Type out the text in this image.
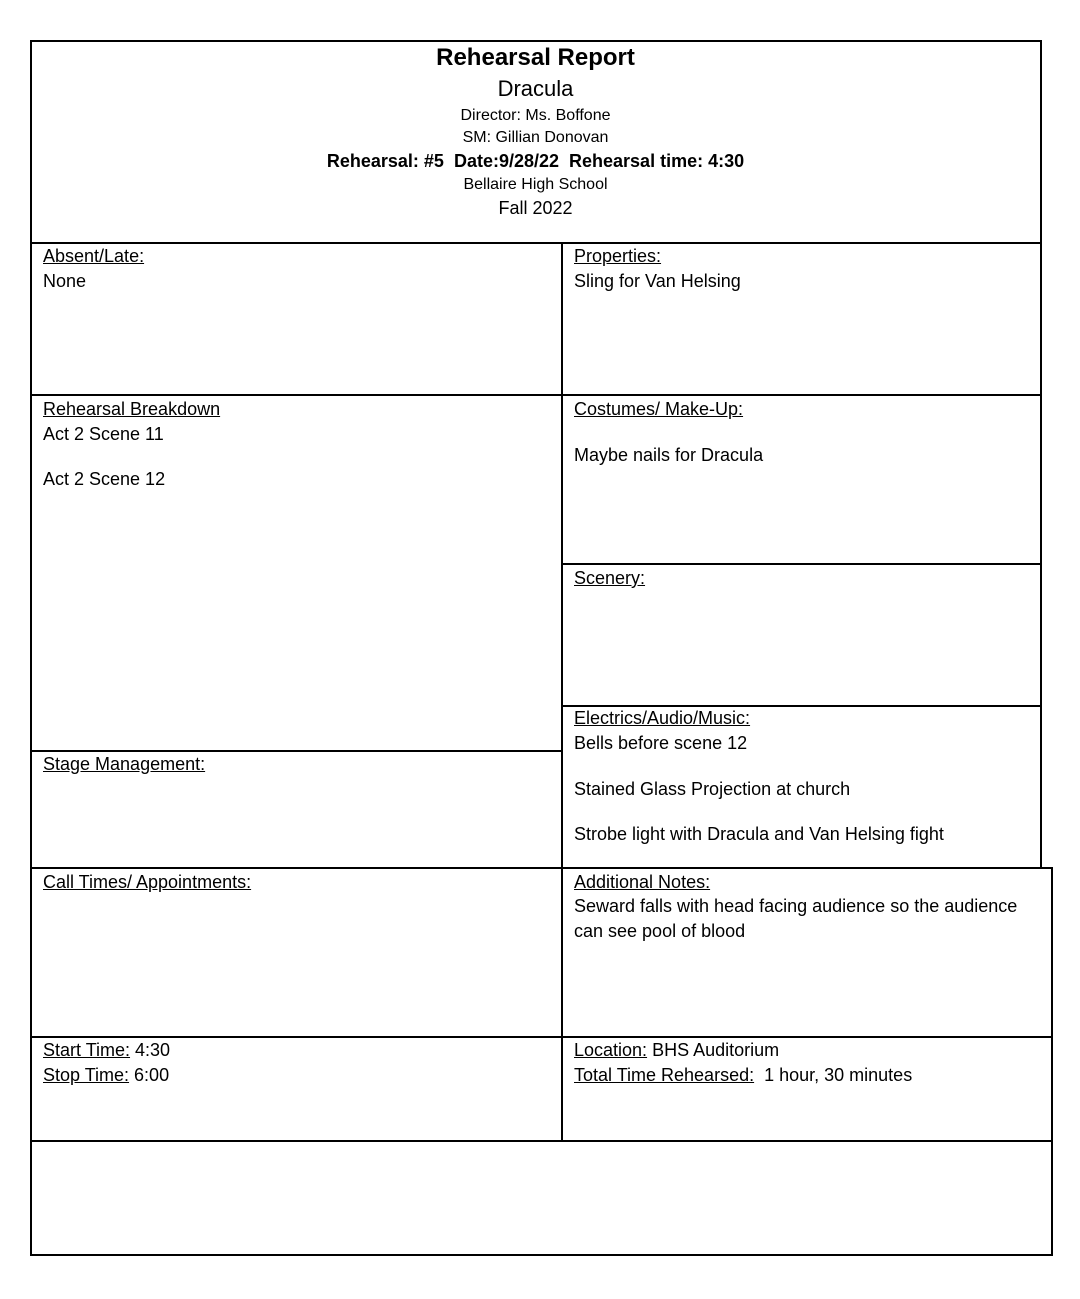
Rehearsal Report
Dracula
Director: Ms. Boffone
SM: Gillian Donovan
Rehearsal: #5  Date:9/28/22  Rehearsal time: 4:30
Bellaire High School
Fall 2022
Absent/Late:
None
Properties:
Sling for Van Helsing
Rehearsal Breakdown
Act 2 Scene 11
Act 2 Scene 12
Costumes/ Make-Up:
Maybe nails for Dracula
Scenery:
Electrics/Audio/Music:
Bells before scene 12
Stained Glass Projection at church
Strobe light with Dracula and Van Helsing fight
Stage Management:
Call Times/ Appointments:	Additional Notes:
Seward falls with head facing audience so the audience
can see pool of blood
Start Time: 4:30
Stop Time: 6:00
Location: BHS Auditorium
Total Time Rehearsed:  1 hour, 30 minutes
